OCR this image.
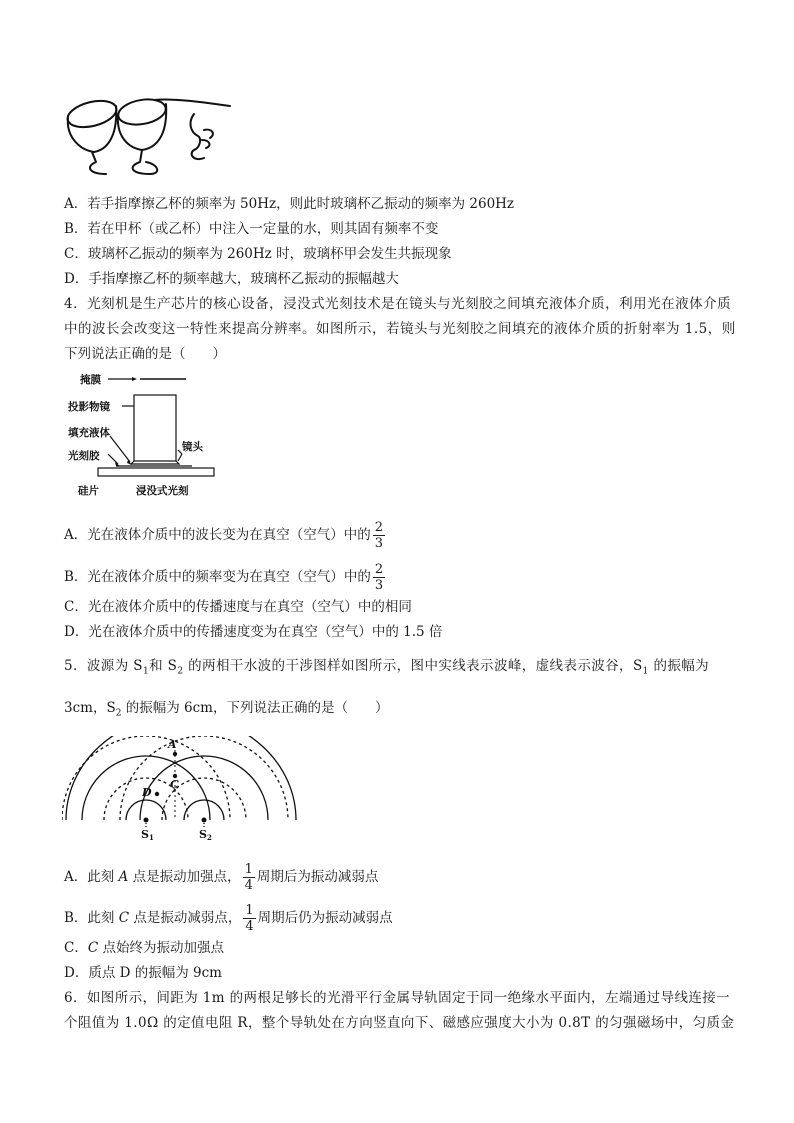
A．若手指摩擦乙杯的频率为 50Hz，则此时玻璃杯乙振动的频率为 260Hz
B．若在甲杯（或乙杯）中注入一定量的水，则其固有频率不变
C．玻璃杯乙振动的频率为 260Hz 时，玻璃杯甲会发生共振现象
D．手指摩擦乙杯的频率越大，玻璃杯乙振动的振幅越大
4．光刻机是生产芯片的核心设备，浸没式光刻技术是在镜头与光刻胶之间填充液体介质，利用光在液体介质
中的波长会改变这一特性来提高分辨率。如图所示，若镜头与光刻胶之间填充的液体介质的折射率为 1.5，则
下列说法正确的是（　　）
掩膜
投影物镜
填充液体
光刻胶
镜头
硅片	浸没式光刻
A．光在液体介质中的波长变为在真空（空气）中的 $\frac{2}{3}$
B．光在液体介质中的频率变为在真空（空气）中的 $\frac{2}{3}$
C．光在液体介质中的传播速度与在真空（空气）中的相同
D．光在液体介质中的传播速度变为在真空（空气）中的 1.5 倍
5．波源为 $S_1$和 $S_2$ 的两相干水波的干涉图样如图所示，图中实线表示波峰，虚线表示波谷，$S_1$ 的振幅为
3cm，$S_2$ 的振幅为 6cm，下列说法正确的是（　　）
A
C
D
S1	S2
A．此刻 A 点是振动加强点， $\frac{1}{4}$ 周期后为振动减弱点
B．此刻 C 点是振动减弱点， $\frac{1}{4}$ 周期后仍为振动减弱点
C．C 点始终为振动加强点
D．质点 D 的振幅为 9cm
6．如图所示，间距为 1m 的两根足够长的光滑平行金属导轨固定于同一绝缘水平面内，左端通过导线连接一
个阻值为 1.0Ω 的定值电阻 R，整个导轨处在方向竖直向下、磁感应强度大小为 0.8T 的匀强磁场中，匀质金
